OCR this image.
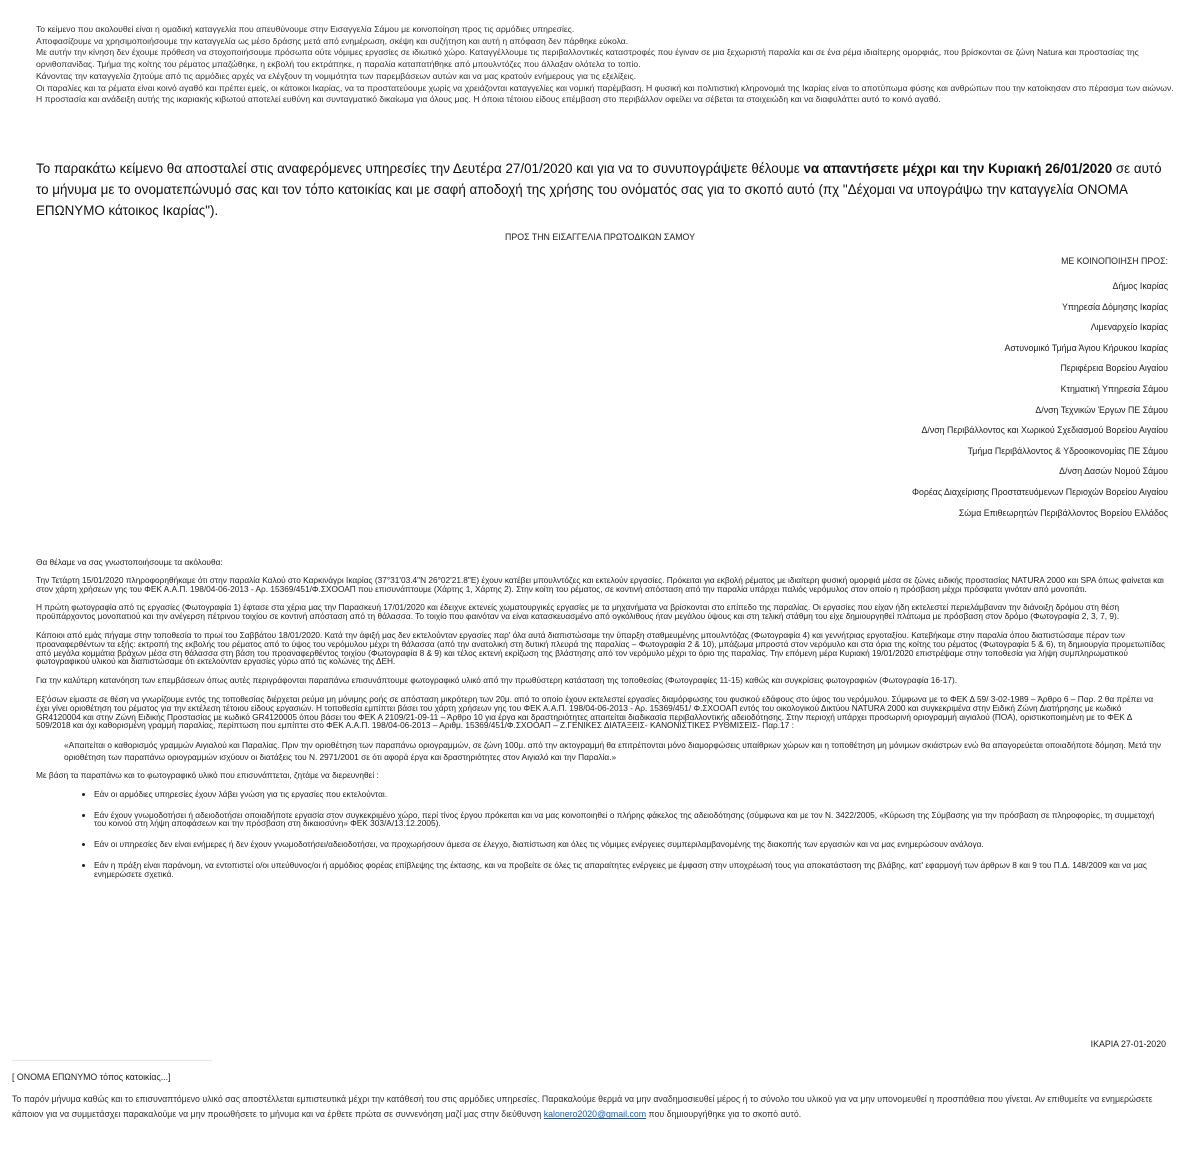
Το κείμενο που ακολουθεί είναι η ομαδική καταγγελία που απευθύνουμε στην Εισαγγελία Σάμου με κοινοποίηση προς τις αρμόδιες υπηρεσίες.

Αποφασίζουμε να χρησιμοποιήσουμε την καταγγελία ως μέσο δράσης μετά από ενημέρωση, σκέψη και συζήτηση και αυτή η απόφαση δεν πάρθηκε εύκολα.

Με αυτήν την κίνηση δεν έχουμε πρόθεση να στοχοποιήσουμε πρόσωπα ούτε νόμιμες εργασίες σε ιδιωτικό χώρο. Καταγγέλλουμε τις περιβαλλοντικές καταστροφές που έγιναν σε μια ξεχωριστή παραλία και σε ένα ρέμα ιδιαίτερης ομορφιάς, που βρίσκονται σε ζώνη Natura και προστασίας της ορνιθοπανίδας. Τμήμα της κοίτης του ρέματος μπαζώθηκε, η εκβολή του εκτράπηκε, η παραλία καταπατήθηκε από μπουλντόζες που άλλαξαν ολότελα το τοπίο.

Κάνοντας την καταγγελία ζητούμε από τις αρμόδιες αρχές να ελέγξουν τη νομιμότητα των παρεμβάσεων αυτών και να μας κρατούν ενήμερους για τις εξελίξεις.

Οι παραλίες και τα ρέματα είναι κοινό αγαθό και πρέπει εμείς, οι κάτοικοι Ικαρίας, να τα προστατεύουμε χωρίς να χρειάζονται καταγγελίες και νομική παρέμβαση. Η φυσική και πολιτιστική κληρονομιά της Ικαρίας είναι το αποτύπωμα φύσης και ανθρώπων που την κατοίκησαν στο πέρασμα των αιώνων. Η προστασία και ανάδειξη αυτής της ικαριακής κιβωτού αποτελεί ευθύνη και συνταγματικό δικαίωμα για όλους μας. Η όποια τέτοιου είδους επέμβαση στο περιβάλλον οφείλει να σέβεται τα στοιχειώδη και να διαφυλάττει αυτό το κοινό αγαθό.

Το παρακάτω κείμενο θα αποσταλεί στις αναφερόμενες υπηρεσίες την Δευτέρα 27/01/2020 και για να το συνυπογράψετε θέλουμε να απαντήσετε μέχρι και την Κυριακή 26/01/2020 σε αυτό το μήνυμα με το ονοματεπώνυμό σας και τον τόπο κατοικίας και με σαφή αποδοχή της χρήσης του ονόματός σας για το σκοπό αυτό (πχ "Δέχομαι να υπογράψω την καταγγελία ΟΝΟΜΑ ΕΠΩΝΥΜΟ κάτοικος Ικαρίας").
ΠΡΟΣ ΤΗΝ ΕΙΣΑΓΓΕΛΙΑ ΠΡΩΤΟΔΙΚΩΝ ΣΑΜΟΥ
ΜΕ ΚΟΙΝΟΠΟΙΗΣΗ ΠΡΟΣ:
Δήμος Ικαρίας
Υπηρεσία Δόμησης Ικαρίας
Λιμεναρχείο Ικαρίας
Αστυνομικό Τμήμα Άγιου Κήρυκου Ικαρίας
Περιφέρεια Βορείου Αιγαίου
Κτηματική Υπηρεσία Σάμου
Δ/νση Τεχνικών Έργων ΠΕ Σάμου
Δ/νση Περιβάλλοντος και Χωρικού Σχεδιασμού Βορείου Αιγαίου
Τμήμα Περιβάλλοντος & Υδροοικονομίας ΠΕ Σάμου
Δ/νση Δασών Νομού Σάμου
Φορέας Διαχείρισης Προστατευόμενων Περιοχών Βορείου Αιγαίου
Σώμα Επιθεωρητών Περιβάλλοντος Βορείου Ελλάδος

Θα θέλαμε να σας γνωστοποιήσουμε τα ακόλουθα:

Την Τετάρτη 15/01/2020 πληροφορηθήκαμε ότι στην παραλία Καλού στο Καρκινάγρι Ικαρίας (37°31'03.4"N 26°02'21.8"E) έχουν κατέβει μπουλντόζες και εκτελούν εργασίες. Πρόκειται για εκβολή ρέματος με ιδιαίτερη φυσική ομορφιά μέσα σε ζώνες ειδικής προστασίας NATURA 2000 και SPA όπως φαίνεται και στον χάρτη χρήσεων γης του ΦΕΚ Α.Α.Π. 198/04-06-2013 - Αρ. 15369/451/Φ.ΣΧΟΟΑΠ που επισυνάπτουμε (Χάρτης 1, Χάρτης 2). Στην κοίτη του ρέματος, σε κοντινή απόσταση από την παραλία υπάρχει παλιός νερόμυλος στον οποίο η πρόσβαση μέχρι πρόσφατα γινόταν από μονοπάτι.

Η πρώτη φωτογραφία από τις εργασίες (Φωτογραφία 1) έφτασε στα χέρια μας την Παρασκευή 17/01/2020 και έδειχνε εκτενείς χωματουργικές εργασίες με τα μηχανήματα να βρίσκονται στο επίπεδο της παραλίας. Οι εργασίες που είχαν ήδη εκτελεστεί περιελάμβαναν την διάνοιξη δρόμου στη θέση προϋπάρχοντος μονοπατιού και την ανέγερση πέτρινου τοιχίου σε κοντινή απόσταση από τη θάλασσα. Το τοιχίο που φαινόταν να είναι κατασκευασμένο από ογκόλιθους ήταν μεγάλου ύψους και στη τελική στάθμη του είχε δημιουργηθεί πλάτωμα με πρόσβαση στον δρόμο (Φωτογραφία 2, 3, 7, 9).

Κάποιοι από εμάς πήγαμε στην τοποθεσία το πρωί του Σαββάτου 18/01/2020. Κατά την άφιξή μας δεν εκτελούνταν εργασίες παρ' όλα αυτά διαπιστώσαμε την ύπαρξη σταθμευμένης μπουλντόζας (Φωτογραφία 4) και γεννήτριας εργοταξίου. Κατεβήκαμε στην παραλία όπου διαπιστώσαμε πέραν των προαναφερθέντων τα εξής: εκτροπή της εκβολής του ρέματος από το ύψος του νερόμυλου μέχρι τη θάλασσα (από την ανατολική στη δυτική πλευρά της παραλίας – Φωτογραφία 2 & 10), μπάζωμα μπροστά στον νερόμυλο και στα όρια της κοίτης του ρέματος (Φωτογραφία 5 & 6), τη δημιουργία προμετωπίδας από μεγάλα κομμάτια βράχων μέσα στη θάλασσα στη βάση του προαναφερθέντος τοιχίου (Φωτογραφία 8 & 9) και τέλος εκτενή εκρίζωση της βλάστησης από τον νερόμυλο μέχρι το όριο της παραλίας. Την επόμενη μέρα Κυριακή 19/01/2020 επιστρέψαμε στην τοποθεσία για λήψη συμπληρωματικού φωτογραφικού υλικού και διαπιστώσαμε ότι εκτελούνταν εργασίες γύρω από τις κολώνες της ΔΕΗ.

Για την καλύτερη κατανόηση των επεμβάσεων όπως αυτές περιγράφονται παραπάνω επισυνάπτουμε φωτογραφικό υλικό από την πρωθύστερη κατάσταση της τοποθεσίας (Φωτογραφίες 11-15) καθώς και συγκρίσεις φωτογραφιών (Φωτογραφία 16-17).

Εξ'όσων είμαστε σε θέση να γνωρίζουμε εντός της τοποθεσίας διέρχεται ρεύμα μη μόνιμης ροής σε απόσταση μικρότερη των 20μ. από το οποίο έχουν εκτελεστεί εργασίες διαμόρφωσης του φυσικού εδάφους στο ύψος του νερόμυλου. Σύμφωνα με το ΦΕΚ Δ 59/ 3-02-1989 – Άρθρο 6 – Παρ. 2 θα πρέπει να έχει γίνει οριοθέτηση του ρέματος για την εκτέλεση τέτοιου είδους εργασιών. Η τοποθεσία εμπίπτει βάσει του χάρτη χρήσεων γης του ΦΕΚ Α.Α.Π. 198/04-06-2013 - Αρ. 15369/451/ Φ.ΣΧΟΟΑΠ εντός του οικολογικού Δικτύου NATURA 2000 και συγκεκριμένα στην Ειδική Ζώνη Διατήρησης με κωδικό GR4120004 και στην Ζώνη Ειδικής Προστασίας με κωδικό GR4120005 όπου βάσει του ΦΕΚ Α 2109/21-09-11 – Άρθρο 10 για έργα και δραστηριότητες απαιτείται διαδικασία περιβαλλοντικής αδειοδότησης. Στην περιοχή υπάρχει προσωρινή οριογραμμή αιγιαλού (ΠΟΑ), οριστικοποιημένη με το ΦΕΚ Δ 509/2018 και όχι καθορισμένη γραμμή παραλίας, περίπτωση που εμπίπτει στο ΦΕΚ Α.Α.Π. 198/04-06-2013 – Αριθμ. 15369/451/Φ.ΣΧΟΟΑΠ – Ζ.ΓΕΝΙΚΕΣ ΔΙΑΤΑΞΕΙΣ- ΚΑΝΟΝΙΣΤΙΚΕΣ ΡΥΘΜΙΣΕΙΣ- Παρ.17 :

«Απαιτείται ο καθορισμός γραμμών Αιγιαλού και Παραλίας. Πριν την οριοθέτηση των παραπάνω οριογραμμών, σε ζώνη 100μ. από την ακτογραμμή θα επιτρέπονται μόνο διαμορφώσεις υπαίθριων χώρων και η τοποθέτηση μη μόνιμων σκιάστρων ενώ θα απαγορεύεται οποιαδήποτε δόμηση. Μετά την οριοθέτηση των παραπάνω οριογραμμών ισχύουν οι διατάξεις του Ν. 2971/2001 σε ότι αφορά έργα και δραστηριότητες στον Αιγιαλό και την Παραλία.»

Με βάση τα παραπάνω και το φωτογραφικό υλικό που επισυνάπτεται, ζητάμε να διερευνηθεί :

• Εάν οι αρμόδιες υπηρεσίες έχουν λάβει γνώση για τις εργασίες που εκτελούνται.
• Εάν έχουν γνωμοδοτήσει ή αδειοδοτήσει οποιαδήποτε εργασία στον συγκεκριμένο χώρο, περί τίνος έργου πρόκειται και να μας κοινοποιηθεί ο πλήρης φάκελος της αδειοδότησης (σύμφωνα και με τον Ν. 3422/2005, «Κύρωση της Σύμβασης για την πρόσβαση σε πληροφορίες, τη συμμετοχή του κοινού στη λήψη αποφάσεων και την πρόσβαση στη δικαιοσύνη» ΦΕΚ 303/Α/13.12.2005).
• Εάν οι υπηρεσίες δεν είναι ενήμερες ή δεν έχουν γνωμοδοτήσει/αδειοδοτήσει, να προχωρήσουν άμεσα σε έλεγχο, διαπίστωση και όλες τις νόμιμες ενέργειες συμπεριλαμβανομένης της διακοπής των εργασιών και να μας ενημερώσουν ανάλογα.
• Εάν η πράξη είναι παράνομη, να εντοπιστεί ο/οι υπεύθυνος/οι ή αρμόδιος φορέας επίβλεψης της έκτασης, και να προβείτε σε όλες τις απαραίτητες ενέργειες με έμφαση στην υποχρέωσή τους για αποκατάσταση της βλάβης, κατ' εφαρμογή των άρθρων 8 και 9 του Π.Δ. 148/2009 και να μας ενημερώσετε σχετικά.
ΙΚΑΡΙΑ 27-01-2020
[ ΟΝΟΜΑ ΕΠΩΝΥΜΟ τόπος κατοικίας...]
Το παρόν μήνυμα καθώς και το επισυναπτόμενο υλικό σας αποστέλλεται εμπιστευτικά μέχρι την κατάθεσή του στις αρμόδιες υπηρεσίες. Παρακαλούμε θερμά να μην αναδημοσιευθεί μέρος ή το σύνολο του υλικού για να μην υπονομευθεί η προσπάθεια που γίνεται. Αν επιθυμείτε να ενημερώσετε κάποιον για να συμμετάσχει παρακαλούμε να μην προωθήσετε το μήνυμα και να έρθετε πρώτα σε συννενόηση μαζί μας στην διεύθυνση kalonero2020@gmail.com που δημιουργήθηκε για το σκοπό αυτό.
